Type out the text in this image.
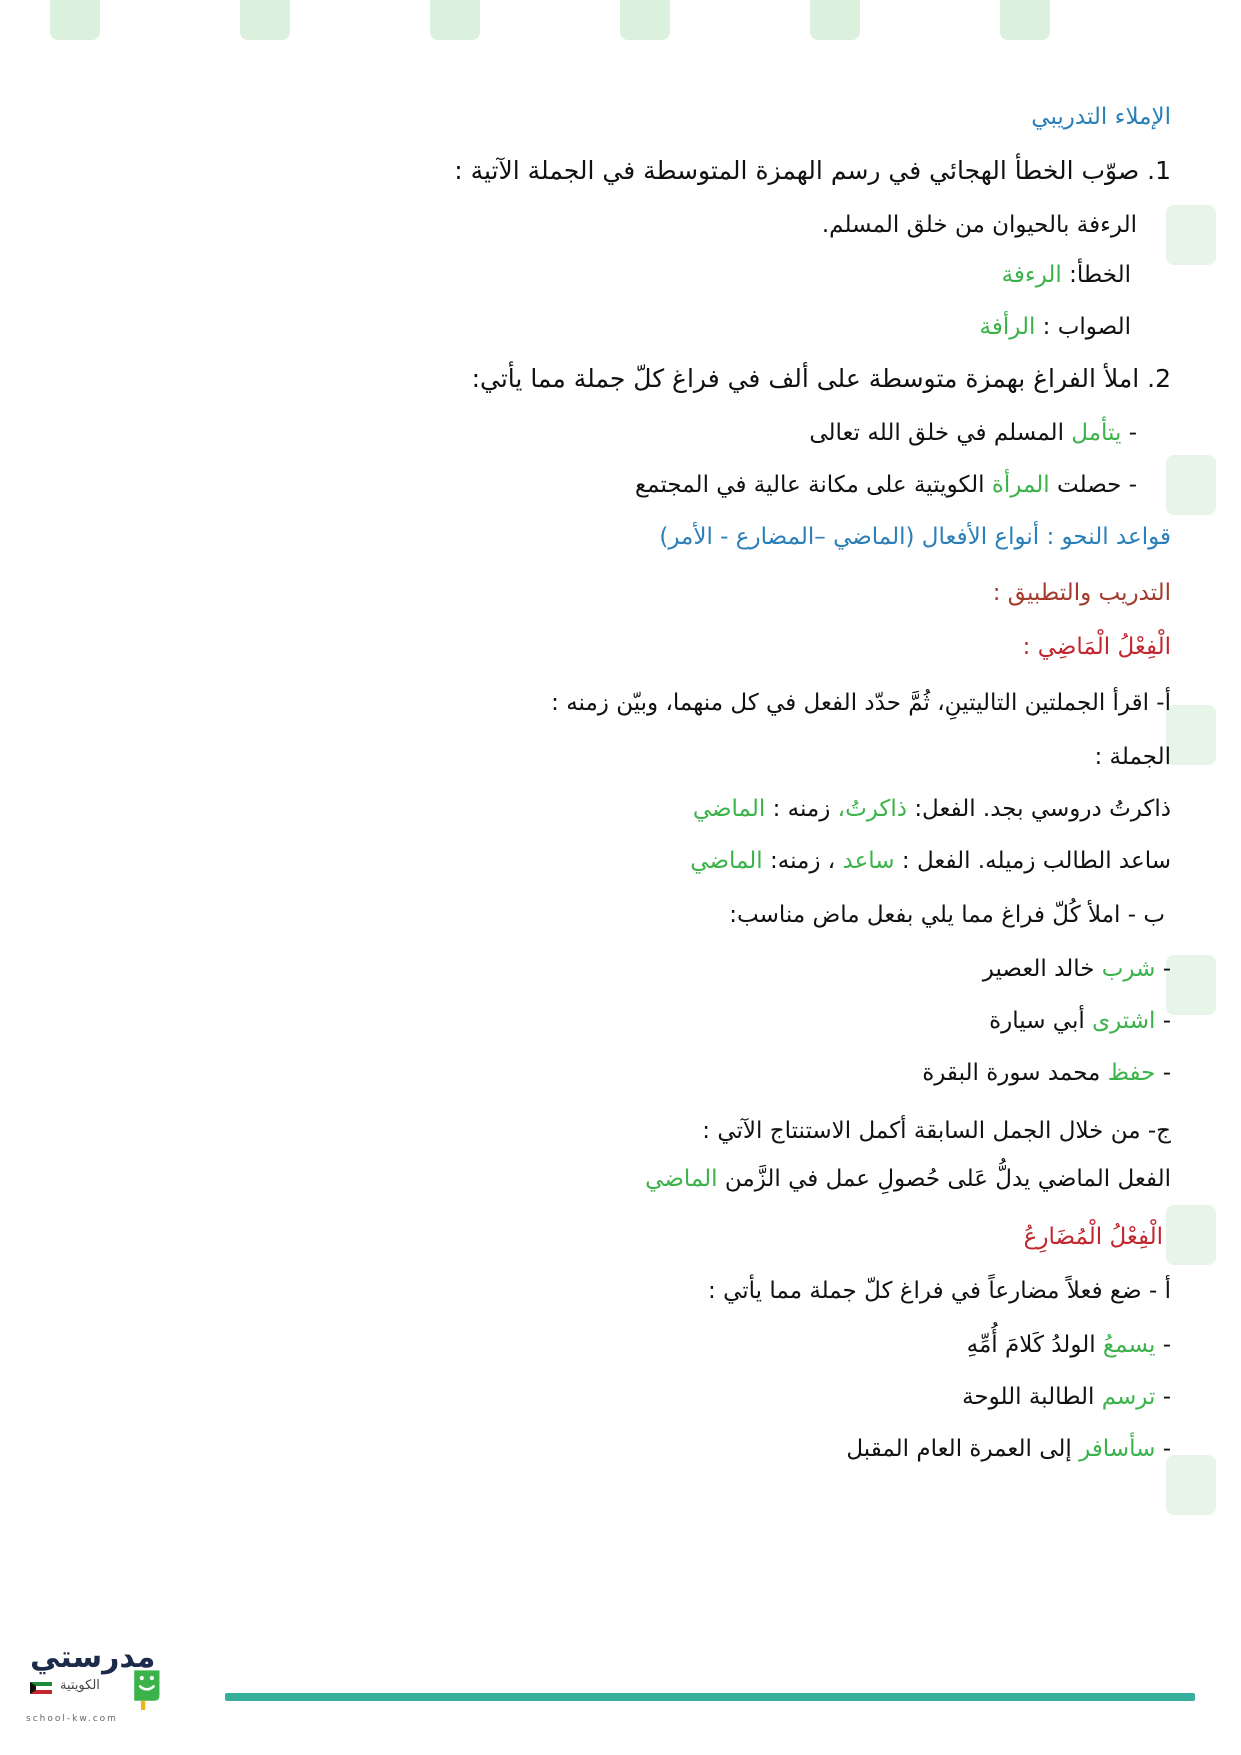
الإملاء التدريبي
1. صوّب الخطأ الهجائي في رسم الهمزة المتوسطة في الجملة الآتية :
الرءفة بالحيوان من خلق المسلم.
الخطأ: الرءفة
الصواب : الرأفة
2. املأ الفراغ بهمزة متوسطة على ألف في فراغ كلّ جملة مما يأتي:
- يتأمل المسلم في خلق الله تعالى
- حصلت المرأة الكويتية على مكانة عالية في المجتمع
قواعد النحو : أنواع الأفعال (الماضي –المضارع - الأمر)
التدريب والتطبيق :
الْفِعْلُ الْمَاضِي :
أ- اقرأ الجملتين التاليتينِ، ثُمَّ حدّد الفعل في كل منهما، وبيّن زمنه :
الجملة :
ذاكرتُ دروسي بجد. الفعل: ذاكرتُ، زمنه : الماضي
ساعد الطالب زميله. الفعل : ساعد ، زمنه: الماضي
ب - املأ كُلّ فراغ مما يلي بفعل ماض مناسب:
- شرب خالد العصير
- اشترى أبي سيارة
- حفظ محمد سورة البقرة
ج- من خلال الجمل السابقة أكمل الاستنتاج الآتي :
الفعل الماضي يدلُّ عَلى حُصولِ عمل في الزَّمن الماضي
الْفِعْلُ الْمُضَارِعُ
أ - ضع فعلاً مضارعاً في فراغ كلّ جملة مما يأتي :
- يسمعُ الولدُ كَلامَ أُمِّهِ
- ترسم الطالبة اللوحة
- سأسافر إلى العمرة العام المقبل
مدرستي
الكويتية
school-kw.com
